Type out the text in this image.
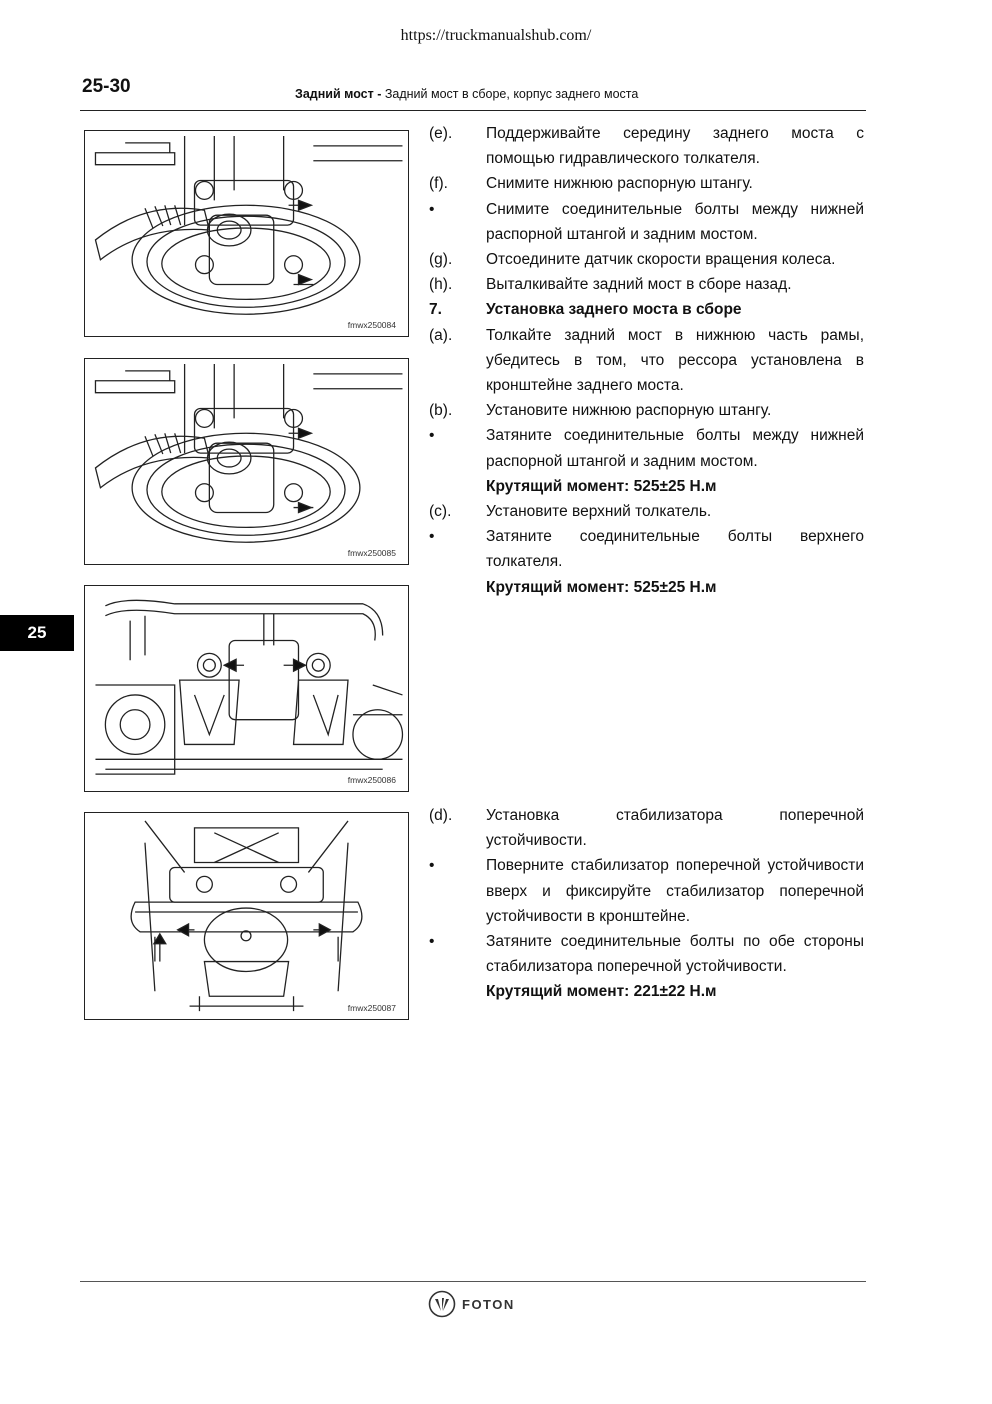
https://truckmanualshub.com/
25-30	Задний мост - Задний мост в сборе, корпус заднего моста
25
fmwx250084
fmwx250085
fmwx250086
fmwx250087
(e).	Поддерживайте середину заднего моста с помощью гидравлического толкателя.
(f).	Снимите нижнюю распорную штангу.
•	Снимите соединительные болты между нижней распорной штангой и задним мостом.
(g).	Отсоедините датчик скорости вращения колеса.
(h).	Выталкивайте задний мост в сборе назад.
7.	Установка заднего моста в сборе
(a).	Толкайте задний мост в нижнюю часть рамы, убедитесь в том, что рессора установлена в кронштейне заднего моста.
(b).	Установите нижнюю распорную штангу.
•	Затяните соединительные болты между нижней распорной штангой и задним мостом.
Крутящий момент: 525±25 Н.м
(c).	Установите верхний толкатель.
•	Затяните соединительные болты верхнего толкателя.
Крутящий момент: 525±25 Н.м
(d).	Установка стабилизатора поперечной устойчивости.
•	Поверните стабилизатор поперечной устойчивости вверх и фиксируйте стабилизатор поперечной устойчивости в кронштейне.
•	Затяните соединительные болты по обе стороны стабилизатора поперечной устойчивости.
Крутящий момент: 221±22 Н.м
FOTON
